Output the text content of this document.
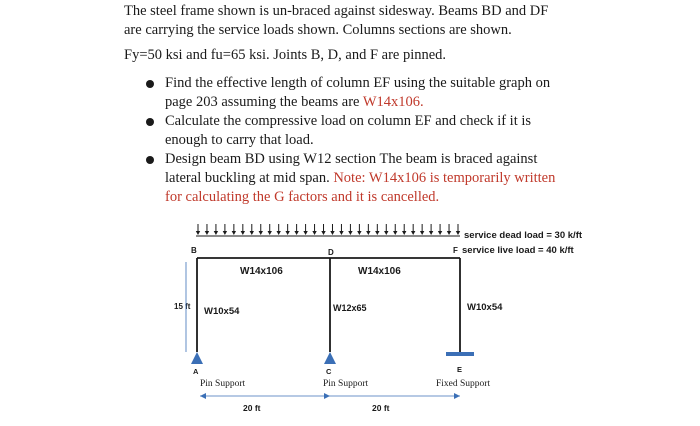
The steel frame shown is un-braced against sidesway. Beams BD and DF
are carrying the service loads shown. Columns sections are shown.
Fy=50 ksi and fu=65 ksi. Joints B, D, and F are pinned.
Find the effective length of column EF using the suitable graph on
page 203 assuming the beams are W14x106.
Calculate the compressive load on column EF and check if it is
enough to carry that load.
Design beam BD using W12 section The beam is braced against
lateral buckling at mid span. Note: W14x106 is temporarily written
for calculating the G factors and it is cancelled.
B	D	F
service dead load = 30 k/ft
service live load = 40 k/ft
W14x106	W14x106
15 ft W10x54	W12x65	W10x54
A	C	E
Pin Support	Pin Support	Fixed Support
20 ft	20 ft
